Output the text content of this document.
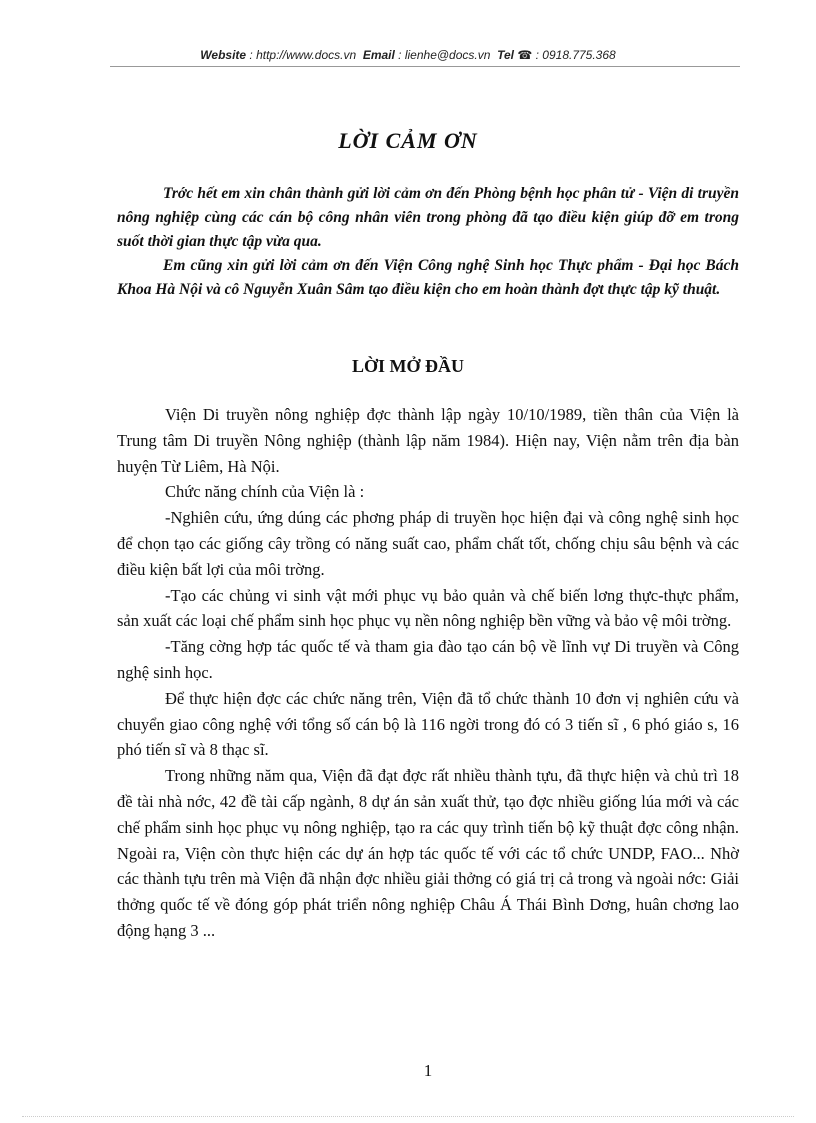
Website : http://www.docs.vn Email : lienhe@docs.vn Tel ☎ : 0918.775.368
LỜI CẢM ƠN

Trớc hết em xin chân thành gửi lời cảm ơn đến Phòng bệnh học phân tử - Viện di truyền nông nghiệp cùng các cán bộ công nhân viên trong phòng đã tạo điều kiện giúp đỡ em trong suốt thời gian thực tập vừa qua.

Em cũng xin gửi lời cảm ơn đến Viện Công nghệ Sinh học Thực phẩm - Đại học Bách Khoa Hà Nội và cô Nguyễn Xuân Sâm tạo điều kiện cho em hoàn thành đợt thực tập kỹ thuật.

LỜI MỞ ĐẦU

Viện Di truyền nông nghiệp đợc thành lập ngày 10/10/1989, tiền thân của Viện là Trung tâm Di truyền Nông nghiệp (thành lập năm 1984). Hiện nay, Viện nằm trên địa bàn huyện Từ Liêm, Hà Nội.

Chức năng chính của Viện là :

-Nghiên cứu, ứng dúng các phơng pháp di truyền học hiện đại và công nghệ sinh học để chọn tạo các giống cây trồng có năng suất cao, phẩm chất tốt, chống chịu sâu bệnh và các điều kiện bất lợi của môi trờng.

-Tạo các chủng vi sinh vật mới phục vụ bảo quản và chế biến lơng thực-thực phẩm, sản xuất các loại chế phẩm sinh học phục vụ nền nông nghiệp bền vững và bảo vệ môi trờng.

-Tăng cờng hợp tác quốc tế và tham gia đào tạo cán bộ về lĩnh vự Di truyền và Công nghệ sinh học.

Để thực hiện đợc các chức năng trên, Viện đã tổ chức thành 10 đơn vị nghiên cứu và chuyển giao công nghệ với tổng số cán bộ là 116 ngời trong đó có 3 tiến sĩ , 6 phó giáo s, 16 phó tiến sĩ và 8 thạc sĩ.

Trong những năm qua, Viện đã đạt đợc rất nhiều thành tựu, đã thực hiện và chủ trì 18 đề tài nhà nớc, 42 đề tài cấp ngành, 8 dự án sản xuất thử, tạo đợc nhiều giống lúa mới và các chế phẩm sinh học phục vụ nông nghiệp, tạo ra các quy trình tiến bộ kỹ thuật đợc công nhận. Ngoài ra, Viện còn thực hiện các dự án hợp tác quốc tế với các tổ chức UNDP, FAO... Nhờ các thành tựu trên mà Viện đã nhận đợc nhiều giải thởng có giá trị cả trong và ngoài nớc: Giải thởng quốc tế về đóng góp phát triển nông nghiệp Châu Á Thái Bình Dơng, huân chơng lao động hạng 3 ...

1
